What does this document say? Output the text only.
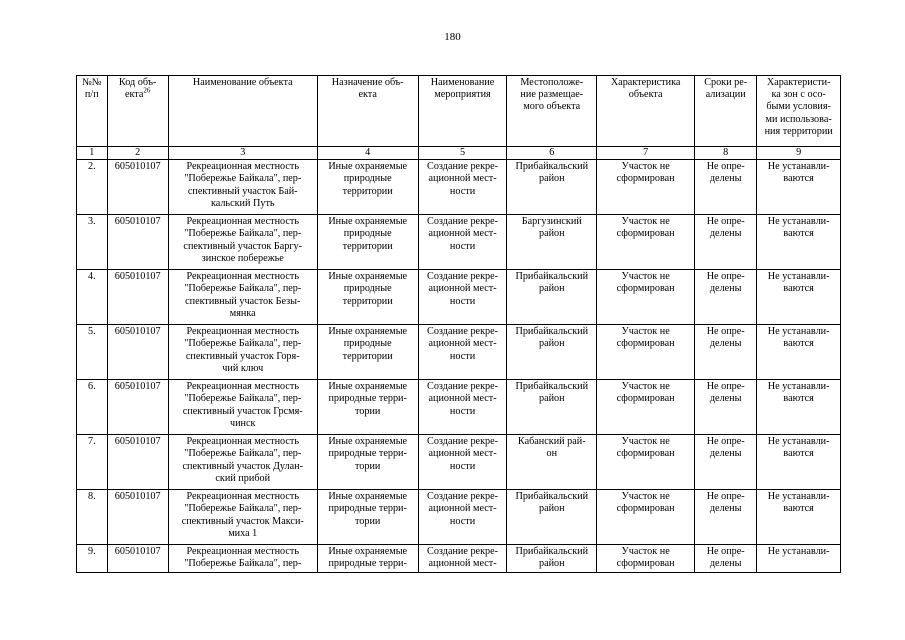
180
№№
п/п	Код объ-
екта$^{26}$	Наименование объекта	Назначение объ-
екта	Наименование
мероприятия	Местоположе-
ние размещае-
мого объекта	Характеристика
объекта	Сроки ре-
ализации	Характеристи-
ка зон с осо-
быми условия-
ми использова-
ния территории
1	2	3	4	5	6	7	8	9
2.	605010107	Рекреационная местность
"Побережье Байкала", пер-
спективный участок Бай-
кальский Путь	Иные охраняемые
природные
территории	Создание рекре-
ационной мест-
ности	Прибайкальский
район	Участок не
сформирован	Не опре-
делены	Не устанавли-
ваются
3.	605010107	Рекреационная местность
"Побережье Байкала", пер-
спективный участок Баргу-
зинское побережье	Иные охраняемые
природные
территории	Создание рекре-
ационной мест-
ности	Баргузинский
район	Участок не
сформирован	Не опре-
делены	Не устанавли-
ваются
4.	605010107	Рекреационная местность
"Побережье Байкала", пер-
спективный участок Безы-
мянка	Иные охраняемые
природные
территории	Создание рекре-
ационной мест-
ности	Прибайкальский
район	Участок не
сформирован	Не опре-
делены	Не устанавли-
ваются
5.	605010107	Рекреационная местность
"Побережье Байкала", пер-
спективный участок Горя-
чий ключ	Иные охраняемые
природные
территории	Создание рекре-
ационной мест-
ности	Прибайкальский
район	Участок не
сформирован	Не опре-
делены	Не устанавли-
ваются
6.	605010107	Рекреационная местность
"Побережье Байкала", пер-
спективный участок Грсмя-
чинск	Иные охраняемые
природные терри-
тории	Создание рекре-
ационной мест-
ности	Прибайкальский
район	Участок не
сформирован	Не опре-
делены	Не устанавли-
ваются
7.	605010107	Рекреационная местность
"Побережье Байкала", пер-
спективный участок Дулан-
ский прибой	Иные охраняемые
природные терри-
тории	Создание рекре-
ационной мест-
ности	Кабанский рай-
он	Участок не
сформирован	Не опре-
делены	Не устанавли-
ваются
8.	605010107	Рекреационная местность
"Побережье Байкала", пер-
спективный участок Макси-
миха 1	Иные охраняемые
природные терри-
тории	Создание рекре-
ационной мест-
ности	Прибайкальский
район	Участок не
сформирован	Не опре-
делены	Не устанавли-
ваются
9.	605010107	Рекреационная местность
"Побережье Байкала", пер-	Иные охраняемые
природные терри-	Создание рекре-
ационной мест-	Прибайкальский
район	Участок не
сформирован	Не опре-
делены	Не устанавли-
